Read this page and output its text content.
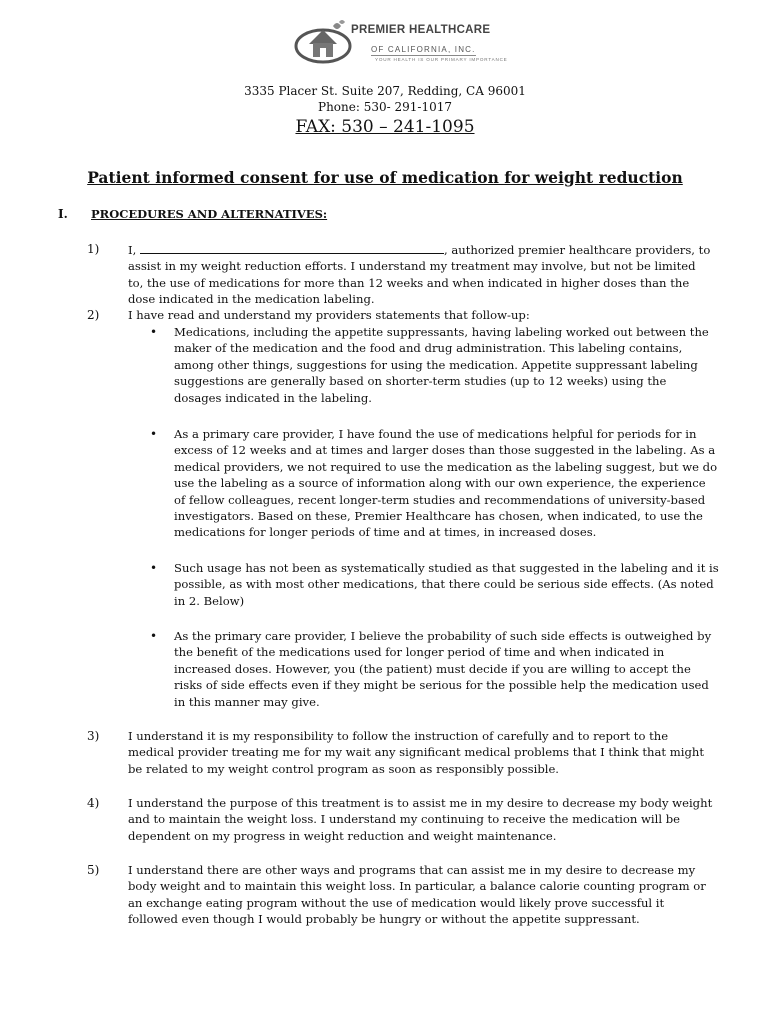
PREMIER HEALTHCARE
OF CALIFORNIA, INC.
YOUR HEALTH IS OUR PRIMARY IMPORTANCE
3335 Placer St. Suite 207, Redding, CA 96001
Phone: 530- 291-1017
FAX: 530 – 241-1095
Patient informed consent for use of medication for weight reduction
I. PROCEDURES AND ALTERNATIVES:
1) I,	, authorized premier healthcare providers, to
assist in my weight reduction efforts. I understand my treatment may involve, but not be limited
to, the use of medications for more than 12 weeks and when indicated in higher doses than the
dose indicated in the medication labeling.
2) I have read and understand my providers statements that follow-up:
• Medications, including the appetite suppressants, having labeling worked out between the
maker of the medication and the food and drug administration. This labeling contains,
among other things, suggestions for using the medication. Appetite suppressant labeling
suggestions are generally based on shorter-term studies (up to 12 weeks) using the
dosages indicated in the labeling.
• As a primary care provider, I have found the use of medications helpful for periods for in
excess of 12 weeks and at times and larger doses than those suggested in the labeling. As a
medical providers, we not required to use the medication as the labeling suggest, but we do
use the labeling as a source of information along with our own experience, the experience
of fellow colleagues, recent longer-term studies and recommendations of university-based
investigators. Based on these, Premier Healthcare has chosen, when indicated, to use the
medications for longer periods of time and at times, in increased doses.
• Such usage has not been as systematically studied as that suggested in the labeling and it is
possible, as with most other medications, that there could be serious side effects. (As noted
in 2. Below)
• As the primary care provider, I believe the probability of such side effects is outweighed by
the benefit of the medications used for longer period of time and when indicated in
increased doses. However, you (the patient) must decide if you are willing to accept the
risks of side effects even if they might be serious for the possible help the medication used
in this manner may give.
3) I understand it is my responsibility to follow the instruction of carefully and to report to the
medical provider treating me for my wait any significant medical problems that I think that might
be related to my weight control program as soon as responsibly possible.
4) I understand the purpose of this treatment is to assist me in my desire to decrease my body weight
and to maintain the weight loss. I understand my continuing to receive the medication will be
dependent on my progress in weight reduction and weight maintenance.
5) I understand there are other ways and programs that can assist me in my desire to decrease my
body weight and to maintain this weight loss. In particular, a balance calorie counting program or
an exchange eating program without the use of medication would likely prove successful it
followed even though I would probably be hungry or without the appetite suppressant.
